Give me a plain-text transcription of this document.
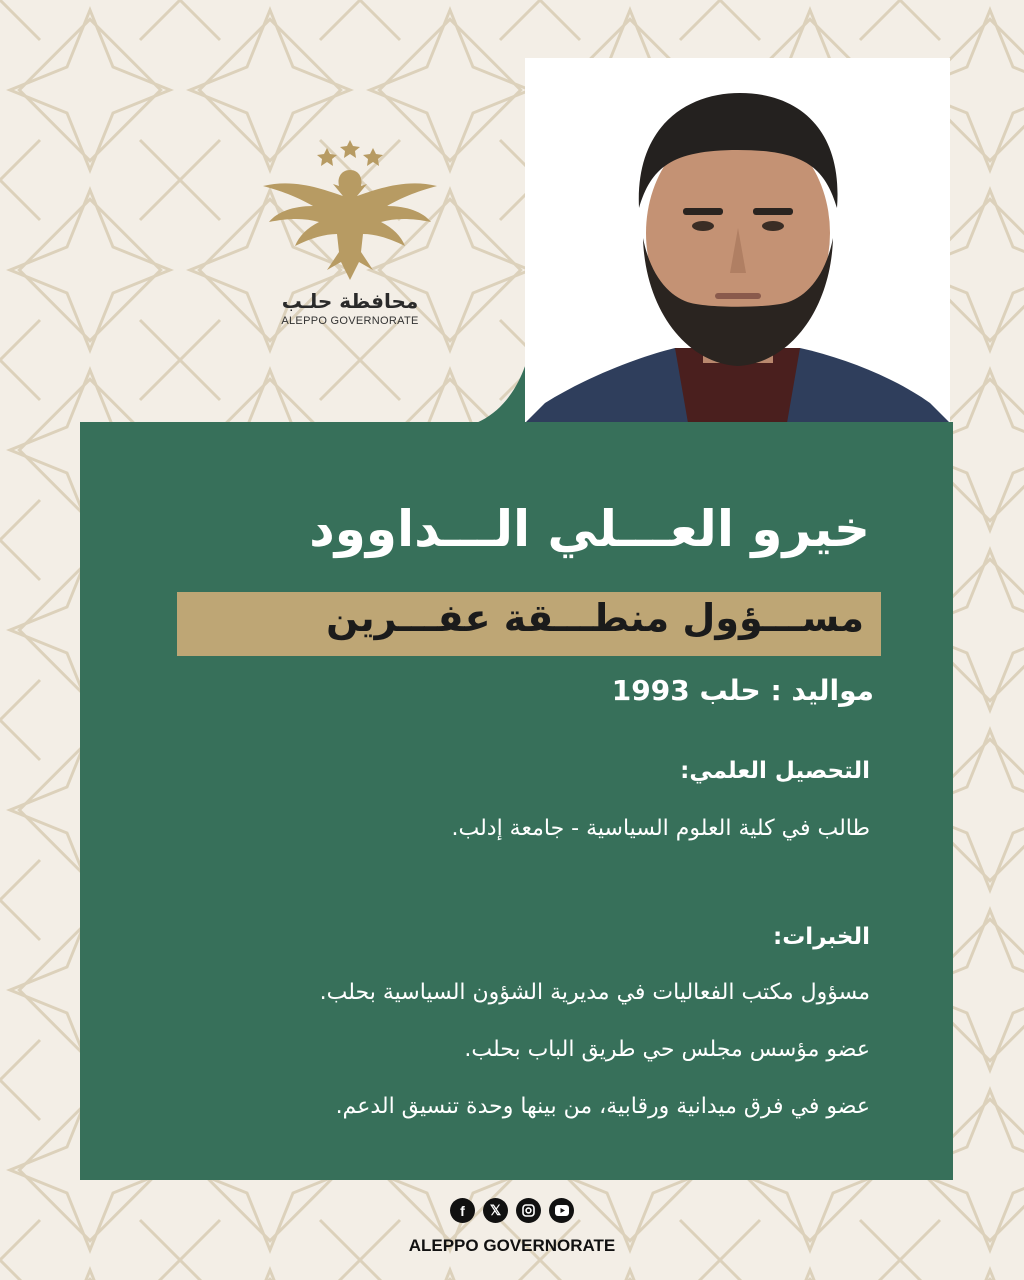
محافظة حلـب
ALEPPO GOVERNORATE
خيرو العـــلي الـــداوود
مســـؤول منطـــقة عفـــرين
مواليد : حلب 1993
التحصيل العلمي:
طالب في كلية العلوم السياسية - جامعة إدلب.
الخبرات:
مسؤول مكتب الفعاليات في مديرية الشؤون السياسية بحلب.
عضو مؤسس مجلس حي طريق الباب بحلب.
عضو في فرق ميدانية ورقابية، من بينها وحدة تنسيق الدعم.
f	𝕏
ALEPPO GOVERNORATE
